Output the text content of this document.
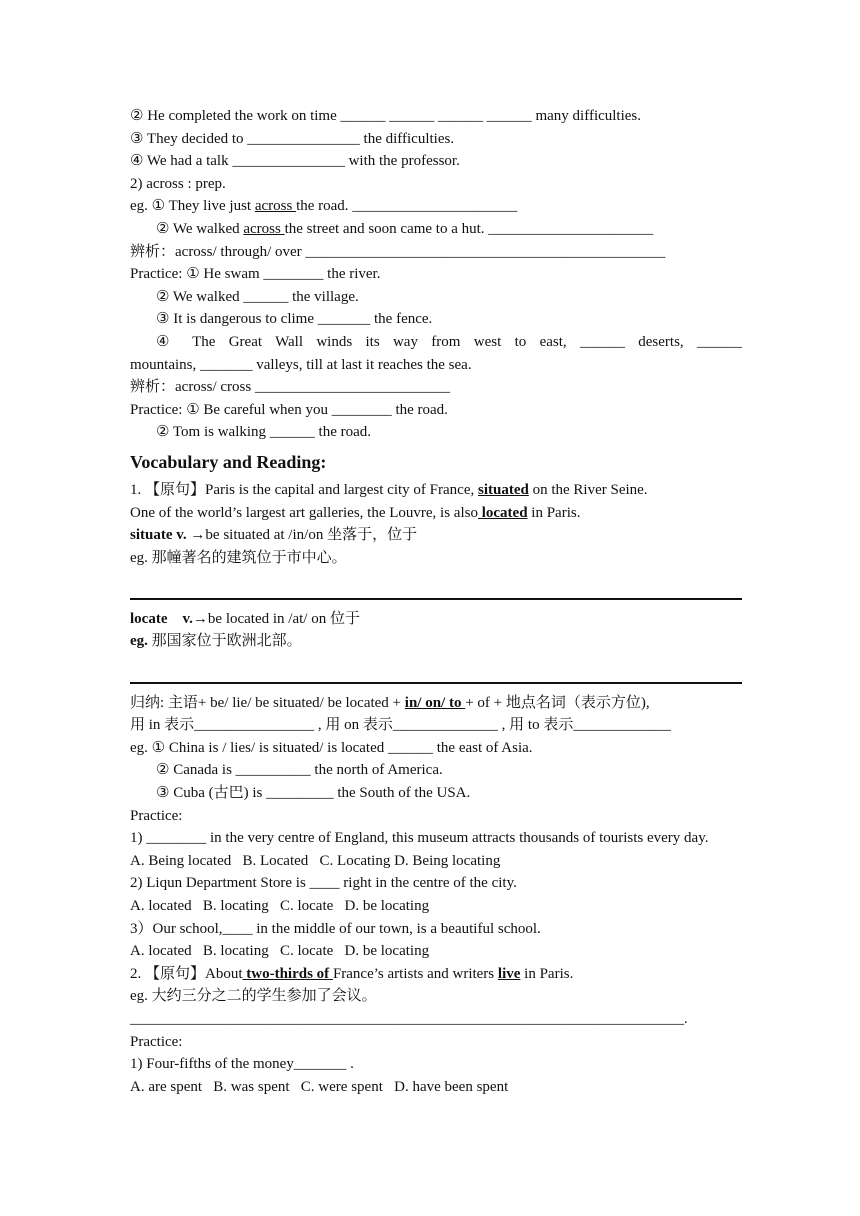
② He completed the work on time ______ ______ ______ ______ many difficulties.
③ They decided to _______________ the difficulties.
④ We had a talk _______________ with the professor.
2) across : prep.
eg. ① They live just across the road. ______________________
② We walked across the street and soon came to a hut. ______________________
辨析：across/ through/ over ________________________________________________
Practice: ① He swam ________ the river.
② We walked ______ the village.
③ It is dangerous to clime _______ the fence.
④ The Great Wall winds its way from west to east, ______ deserts, ______
mountains, _______ valleys, till at last it reaches the sea.
辨析：across/ cross __________________________
Practice: ① Be careful when you ________ the road.
② Tom is walking ______ the road.
Vocabulary and Reading:
1. 【原句】Paris is the capital and largest city of France, situated on the River Seine.
One of the world’s largest art galleries, the Louvre, is also located in Paris.
situate v. →be situated at /in/on 坐落于，位于
eg. 那幢著名的建筑位于市中心。
locate    v.→be located in /at/ on 位于
eg. 那国家位于欧洲北部。
归纳: 主语+ be/ lie/ be situated/ be located + in/ on/ to + of + 地点名词（表示方位),
用 in 表示________________ , 用 on 表示______________ , 用 to 表示_____________
eg. ① China is / lies/ is situated/ is located ______ the east of Asia.
② Canada is __________ the north of America.
③ Cuba (古巴) is _________ the South of the USA.
Practice:
1) ________ in the very centre of England, this museum attracts thousands of tourists every day.
A. Being located   B. Located   C. Locating D. Being locating
2) Liqun Department Store is ____ right in the centre of the city.
A. located   B. locating   C. locate   D. be locating
3）Our school,____ in the middle of our town, is a beautiful school.
A. located   B. locating   C. locate   D. be locating
2. 【原句】About two-thirds of France’s artists and writers live in Paris.
eg. 大约三分之二的学生参加了会议。
_____________________________________________________________________________.
Practice:
1) Four-fifths of the money_______ .
A. are spent   B. was spent   C. were spent   D. have been spent
